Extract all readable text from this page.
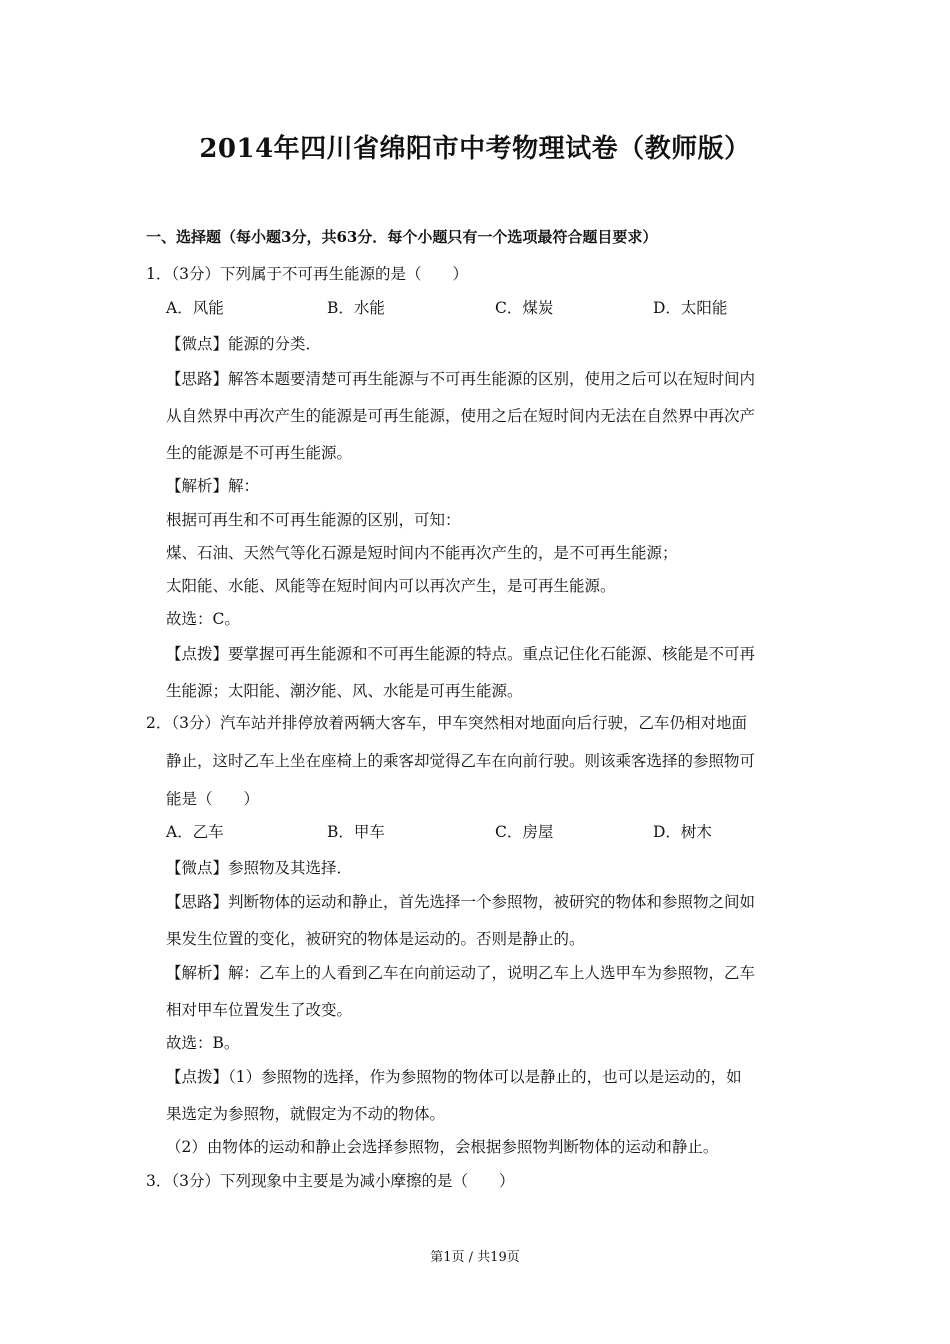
2014年四川省绵阳市中考物理试卷（教师版）
一、选择题（每小题3分，共63分．每个小题只有一个选项最符合题目要求）
1．（3分）下列属于不可再生能源的是（　　）
A．风能	B．水能	C．煤炭	D．太阳能
【微点】能源的分类．
【思路】解答本题要清楚可再生能源与不可再生能源的区别，使用之后可以在短时间内
从自然界中再次产生的能源是可再生能源，使用之后在短时间内无法在自然界中再次产
生的能源是不可再生能源。
【解析】解：
根据可再生和不可再生能源的区别，可知：
煤、石油、天然气等化石源是短时间内不能再次产生的，是不可再生能源；
太阳能、水能、风能等在短时间内可以再次产生，是可再生能源。
故选：C。
【点拨】要掌握可再生能源和不可再生能源的特点。重点记住化石能源、核能是不可再
生能源；太阳能、潮汐能、风、水能是可再生能源。
2．（3分）汽车站并排停放着两辆大客车，甲车突然相对地面向后行驶，乙车仍相对地面
静止，这时乙车上坐在座椅上的乘客却觉得乙车在向前行驶。则该乘客选择的参照物可
能是（　　）
A．乙车	B．甲车	C．房屋	D．树木
【微点】参照物及其选择．
【思路】判断物体的运动和静止，首先选择一个参照物，被研究的物体和参照物之间如
果发生位置的变化，被研究的物体是运动的。否则是静止的。
【解析】解：乙车上的人看到乙车在向前运动了，说明乙车上人选甲车为参照物，乙车
相对甲车位置发生了改变。
故选：B。
【点拨】（1）参照物的选择，作为参照物的物体可以是静止的，也可以是运动的，如
果选定为参照物，就假定为不动的物体。
（2）由物体的运动和静止会选择参照物，会根据参照物判断物体的运动和静止。
3．（3分）下列现象中主要是为减小摩擦的是（　　）
第1页 / 共19页
